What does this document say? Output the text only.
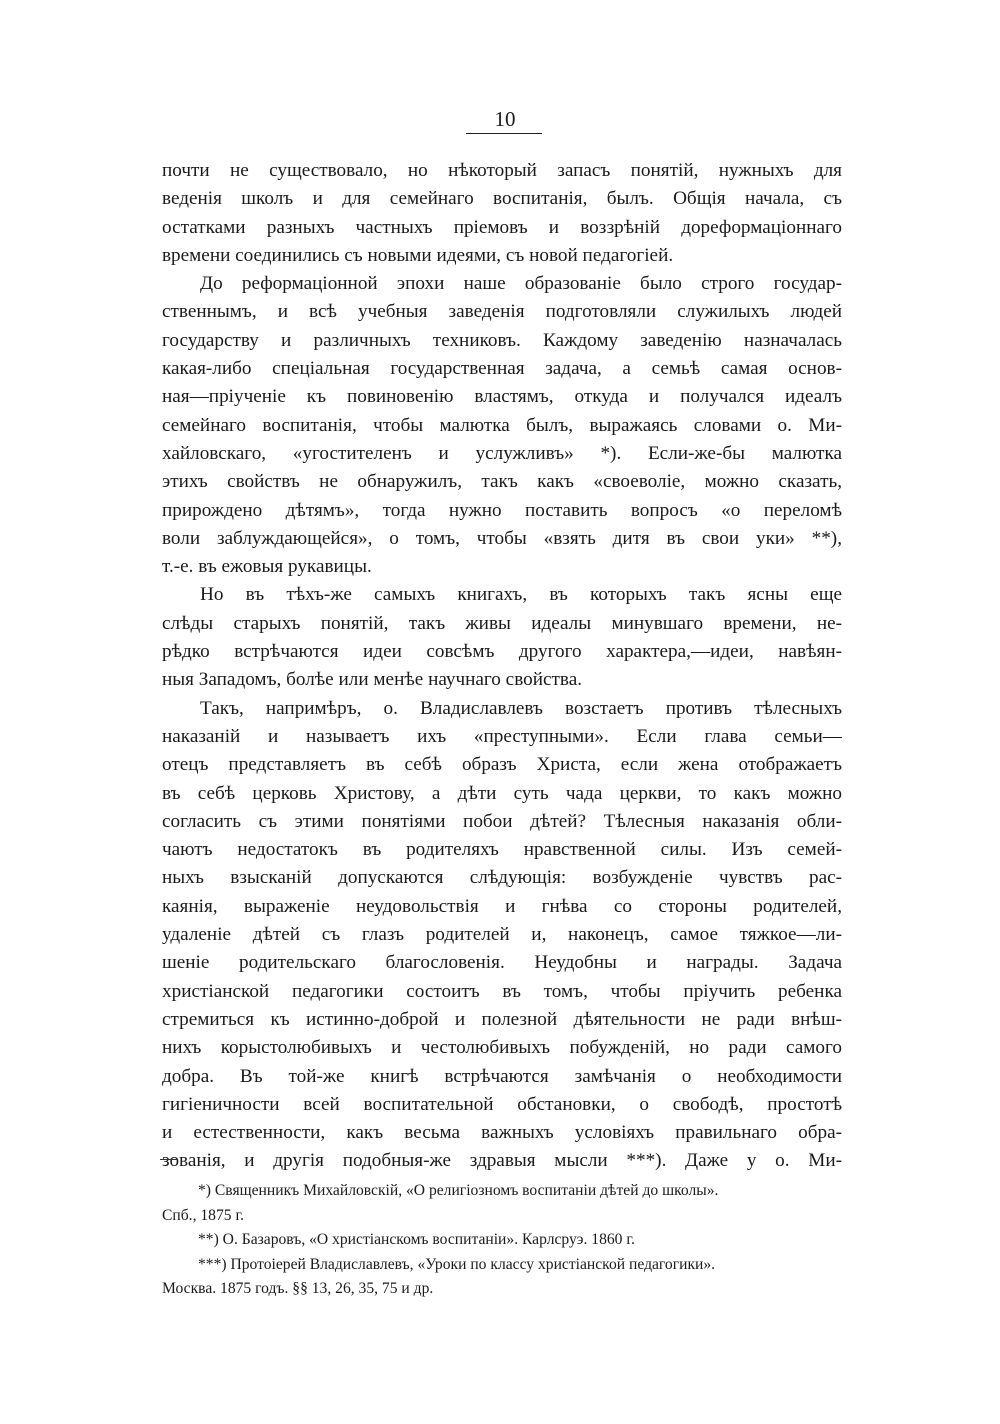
10
почти не существовало, но нѣкоторый запасъ понятій, нужныхъ для
веденія школъ и для семейнаго воспитанія, былъ. Общія начала, съ
остатками разныхъ частныхъ пріемовъ и воззрѣній дореформаціоннаго
времени соединились съ новыми идеями, съ новой педагогіей.
До реформаціонной эпохи наше образованіе было строго государ-
ственнымъ, и всѣ учебныя заведенія подготовляли служилыхъ людей
государству и различныхъ техниковъ. Каждому заведенію назначалась
какая-либо спеціальная государственная задача, а семьѣ самая основ-
ная—пріученіе къ повиновенію властямъ, откуда и получался идеалъ
семейнаго воспитанія, чтобы малютка былъ, выражаясь словами о. Ми-
хайловскаго, «угостителенъ и услужливъ» *). Если-же-бы малютка
этихъ свойствъ не обнаружилъ, такъ какъ «своеволіе, можно сказать,
прирождено дѣтямъ», тогда нужно поставить вопросъ «о переломѣ
воли заблуждающейся», о томъ, чтобы «взять дитя въ свои уки» **),
т.-е. въ ежовыя рукавицы.
Но въ тѣхъ-же самыхъ книгахъ, въ которыхъ такъ ясны еще
слѣды старыхъ понятій, такъ живы идеалы минувшаго времени, не-
рѣдко встрѣчаются идеи совсѣмъ другого характера,—идеи, навѣян-
ныя Западомъ, болѣе или менѣе научнаго свойства.
Такъ, напримѣръ, о. Владиславлевъ возстаетъ противъ тѣлесныхъ
наказаній и называетъ ихъ «преступными». Если глава семьи—
отецъ представляетъ въ себѣ образъ Христа, если жена отображаетъ
въ себѣ церковь Христову, а дѣти суть чада церкви, то какъ можно
согласить съ этими понятіями побои дѣтей? Тѣлесныя наказанія обли-
чаютъ недостатокъ въ родителяхъ нравственной силы. Изъ семей-
ныхъ взысканій допускаются слѣдующія: возбужденіе чувствъ рас-
каянія, выраженіе неудовольствія и гнѣва со стороны родителей,
удаленіе дѣтей съ глазъ родителей и, наконецъ, самое тяжкое—ли-
шеніе родительскаго благословенія. Неудобны и награды. Задача
христіанской педагогики состоитъ въ томъ, чтобы пріучить ребенка
стремиться къ истинно-доброй и полезной дѣятельности не ради внѣш-
нихъ корыстолюбивыхъ и честолюбивыхъ побужденій, но ради самого
добра. Въ той-же книгѣ встрѣчаются замѣчанія о необходимости
гигіеничности всей воспитательной обстановки, о свободѣ, простотѣ
и естественности, какъ весьма важныхъ условіяхъ правильнаго обра-
зованія, и другія подобныя-же здравыя мысли ***). Даже у о. Ми-
*) Священникъ Михайловскій, «О религіозномъ воспитаніи дѣтей до школы».
Спб., 1875 г.
**) О. Базаровъ, «О христіанскомъ воспитаніи». Карлсруэ. 1860 г.
***) Протоіерей Владиславлевъ, «Уроки по классу христіанской педагогики».
Москва. 1875 годъ. §§ 13, 26, 35, 75 и др.
